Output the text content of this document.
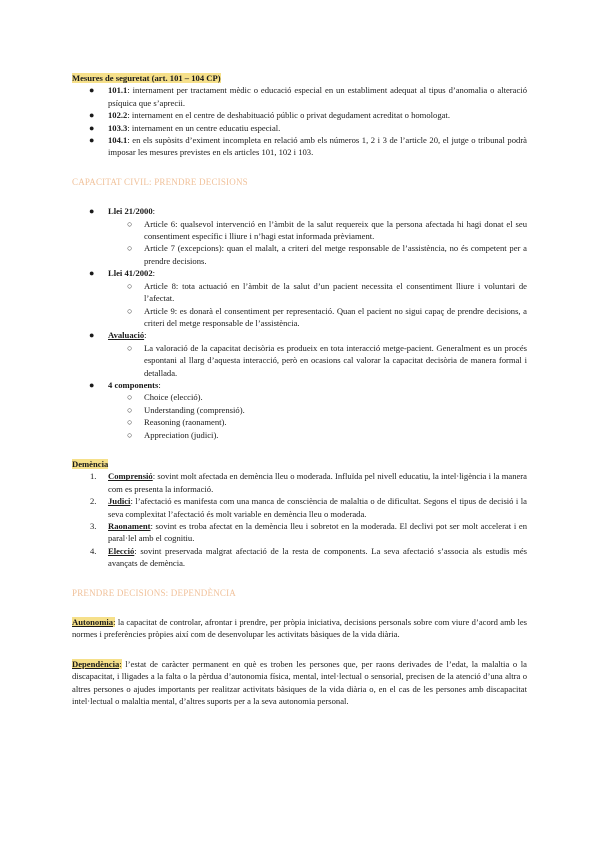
Mesures de seguretat (art. 101 – 104 CP)
● 101.1: internament per tractament mèdic o educació especial en un establiment adequat al tipus d’anomalia o alteració psíquica que s’aprecii.
● 102.2: internament en el centre de deshabituació públic o privat degudament acreditat o homologat.
● 103.3: internament en un centre educatiu especial.
● 104.1: en els supòsits d’eximent incompleta en relació amb els números 1, 2 i 3 de l’article 20, el jutge o tribunal podrà imposar les mesures previstes en els articles 101, 102 i 103.
CAPACITAT CIVIL: PRENDRE DECISIONS
● Llei 21/2000:
○ Article 6: qualsevol intervenció en l’àmbit de la salut requereix que la persona afectada hi hagi donat el seu consentiment específic i lliure i n’hagi estat informada prèviament.
○ Article 7 (excepcions): quan el malalt, a criteri del metge responsable de l’assistència, no és competent per a prendre decisions.
● Llei 41/2002:
○ Article 8: tota actuació en l’àmbit de la salut d’un pacient necessita el consentiment lliure i voluntari de l’afectat.
○ Article 9: es donarà el consentiment per representació. Quan el pacient no sigui capaç de prendre decisions, a criteri del metge responsable de l’assistència.
● Avaluació:
○ La valoració de la capacitat decisòria es produeix en tota interacció metge-pacient. Generalment es un procés espontani al llarg d’aquesta interacció, però en ocasions cal valorar la capacitat decisòria de manera formal i detallada.
● 4 components:
○ Choice (elecció).
○ Understanding (comprensió).
○ Reasoning (raonament).
○ Appreciation (judici).
Demència
1. Comprensió: sovint molt afectada en demència lleu o moderada. Influïda pel nivell educatiu, la intel·ligència i la manera com es presenta la informació.
2. Judici: l’afectació es manifesta com una manca de consciència de malaltia o de dificultat. Segons el tipus de decisió i la seva complexitat l’afectació és molt variable en demència lleu o moderada.
3. Raonament: sovint es troba afectat en la demència lleu i sobretot en la moderada. El declivi pot ser molt accelerat i en paral·lel amb el cognitiu.
4. Elecció: sovint preservada malgrat afectació de la resta de components. La seva afectació s’associa als estudis més avançats de demència.
PRENDRE DECISIONS: DEPENDÈNCIA

Autonomia: la capacitat de controlar, afrontar i prendre, per pròpia iniciativa, decisions personals sobre com viure d’acord amb les normes i preferències pròpies així com de desenvolupar les activitats bàsiques de la vida diària.

Dependència: l’estat de caràcter permanent en què es troben les persones que, per raons derivades de l’edat, la malaltia o la discapacitat, i lligades a la falta o la pèrdua d’autonomia física, mental, intel·lectual o sensorial, precisen de la atenció d’una altra o altres persones o ajudes importants per realitzar activitats bàsiques de la vida diària o, en el cas de les persones amb discapacitat intel·lectual o malaltia mental, d’altres suports per a la seva autonomia personal.
